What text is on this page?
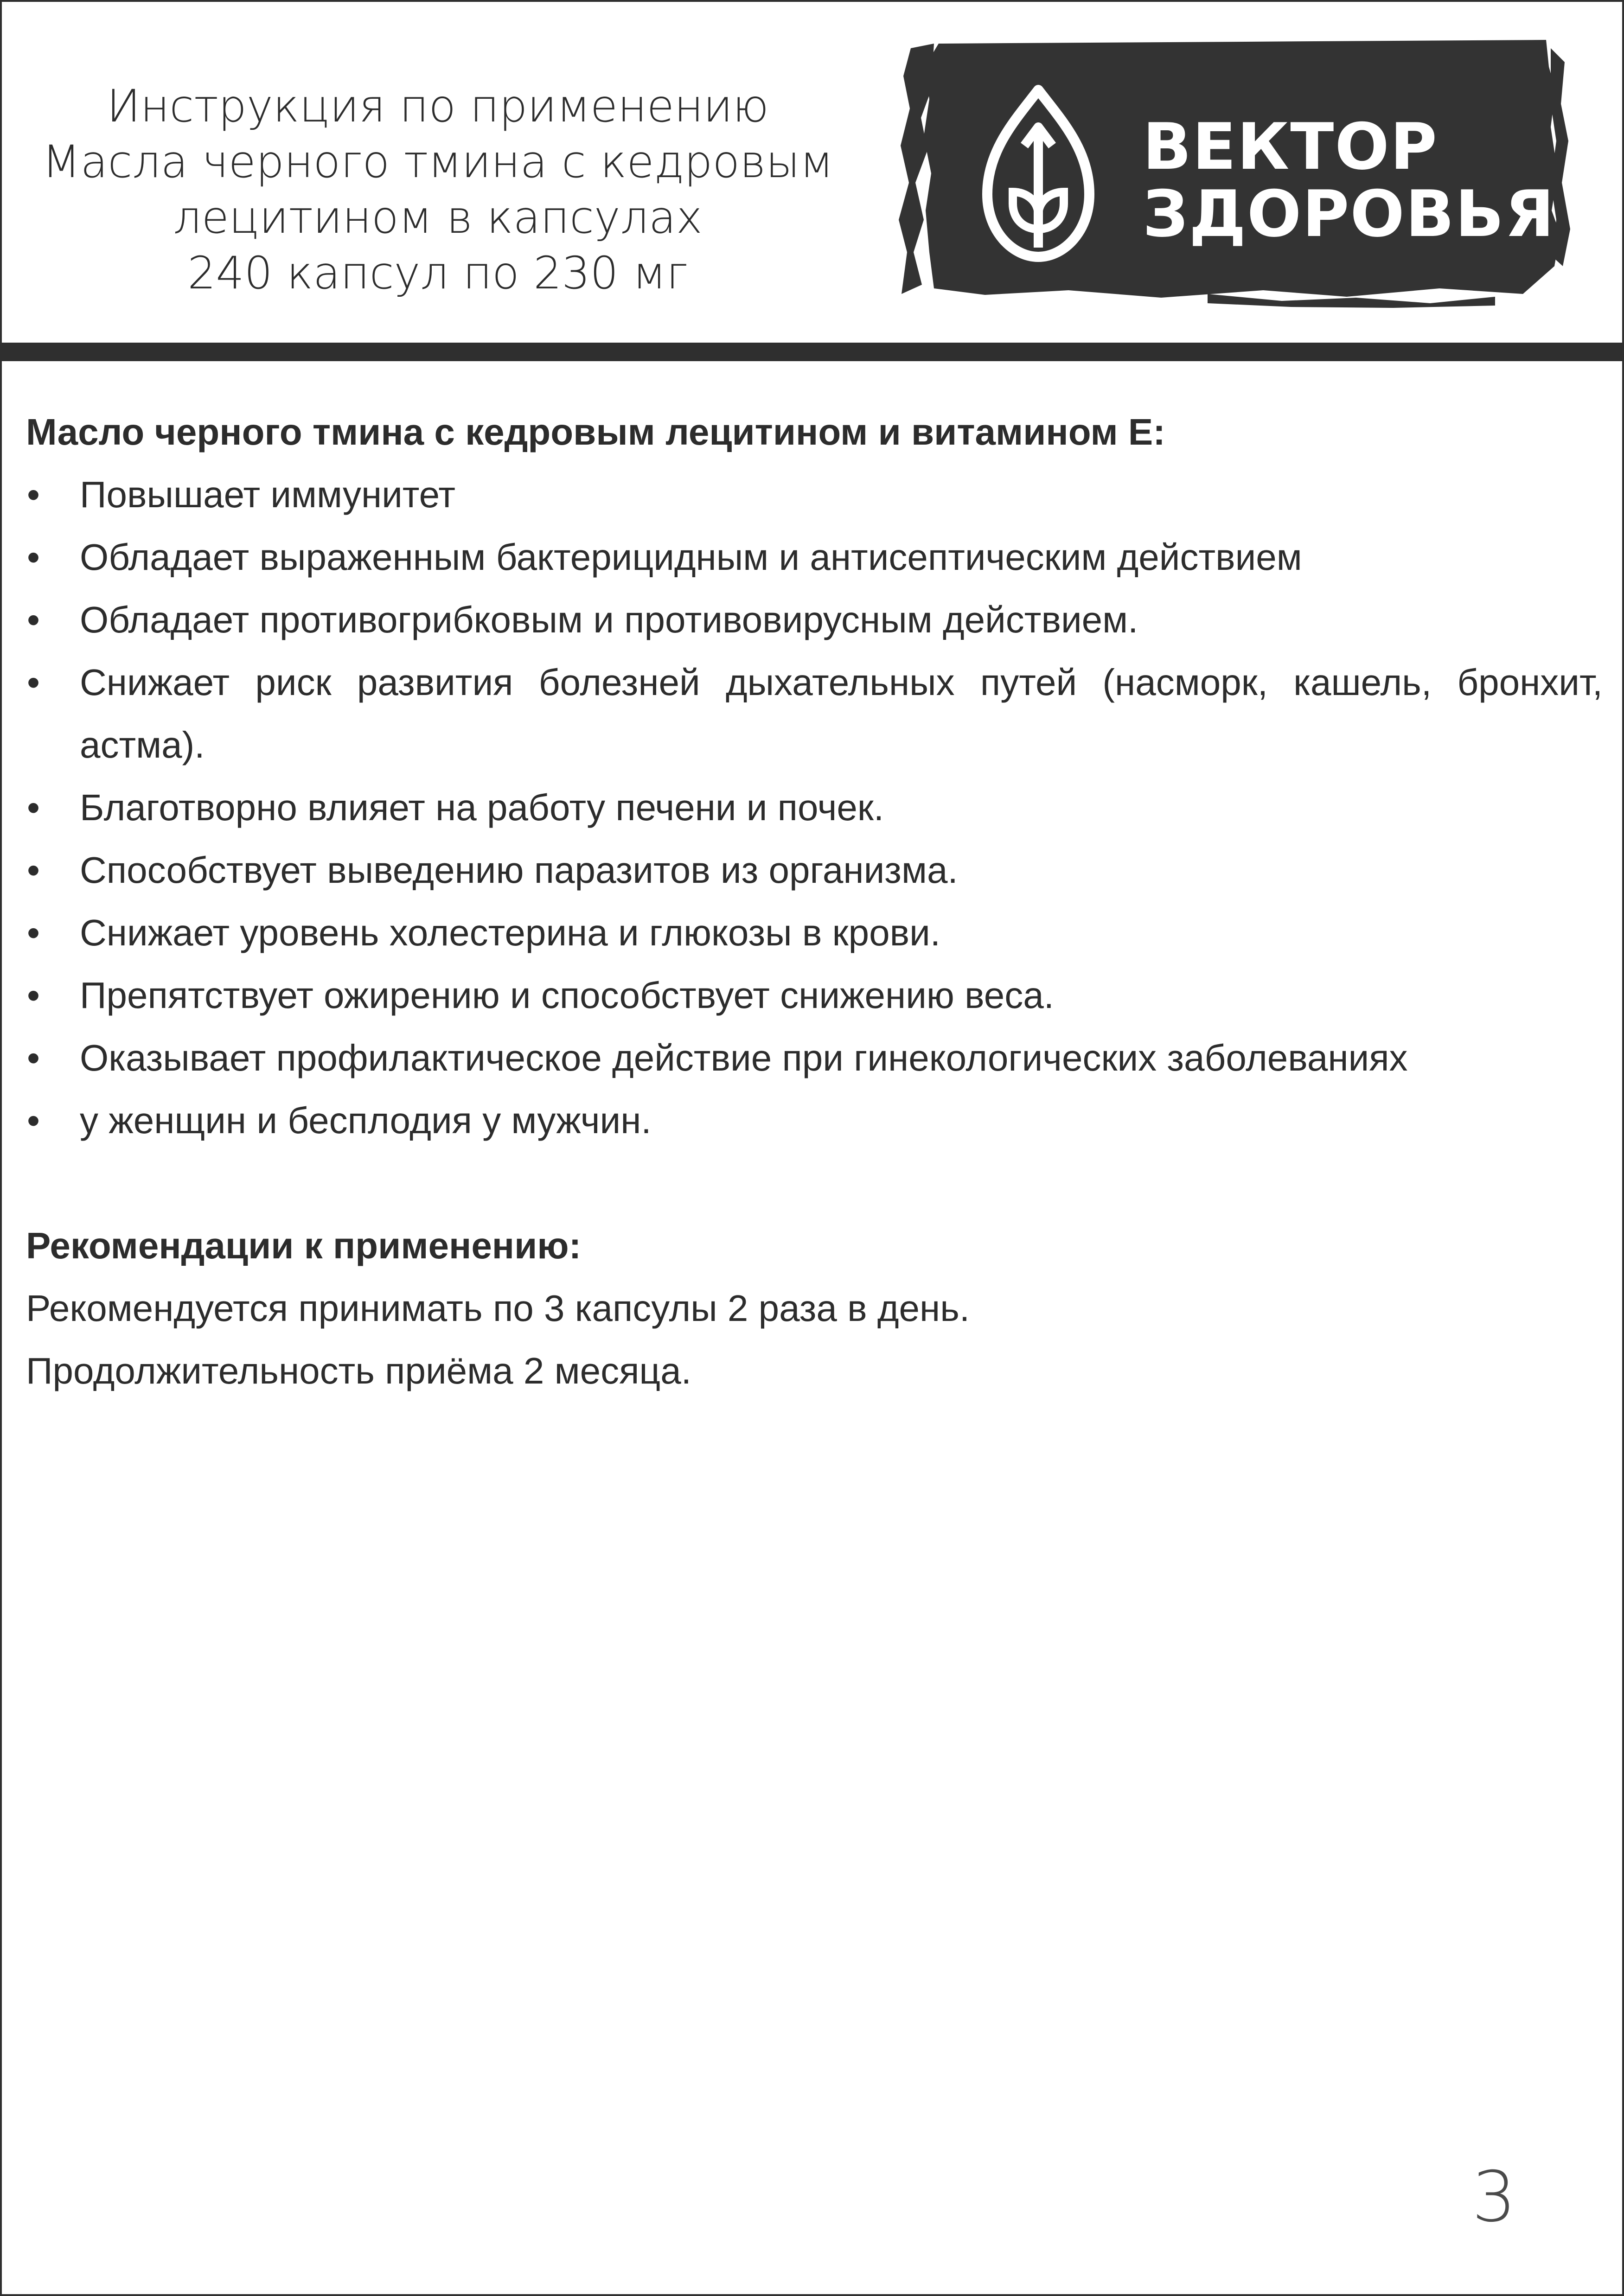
Инструкция по применению
Масла черного тмина с кедровым
лецитином в капсулах
240 капсул по 230 мг
ВЕКТОР
ЗДОРОВЬЯ

Масло черного тмина с кедровым лецитином и витамином Е:

•	Повышает иммунитет
•	Обладает выраженным бактерицидным и антисептическим действием
•	Обладает противогрибковым и противовирусным действием.
•	Снижает риск развития болезней дыхательных путей (насморк, кашель, бронхит, астма).
•	Благотворно влияет на работу печени и почек.
•	Способствует выведению паразитов из организма.
•	Снижает уровень холестерина и глюкозы в крови.
•	Препятствует ожирению и способствует снижению веса.
•	Оказывает профилактическое действие при гинекологических заболеваниях
•	у женщин и бесплодия у мужчин.

Рекомендации к применению:

Рекомендуется принимать по 3 капсулы 2 раза в день.

Продолжительность приёма 2 месяца.

3
